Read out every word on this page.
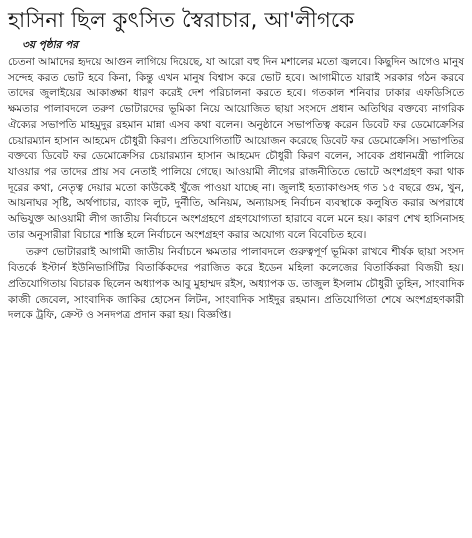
হাসিনা ছিল কুৎসিত স্বৈরাচার, আ'লীগকে
৩য় পৃষ্ঠার পর

চেতনা আমাদের হৃদয়ে আগুন লাগিয়ে দিয়েছে, যা আরো বহু দিন মশালের মতো জ্বলবে। কিছুদিন আগেও মানুষ সন্দেহ করত ভোট হবে কিনা, কিন্তু এখন মানুষ বিশ্বাস করে ভোট হবে। আগামীতে যারাই সরকার গঠন করবে তাদের জুলাইয়ের আকাঙ্ক্ষা ধারণ করেই দেশ পরিচালনা করতে হবে। গতকাল শনিবার ঢাকার এফডিসিতে ক্ষমতার পালাবদলে তরুণ ভোটারদের ভূমিকা নিয়ে আয়োজিত ছায়া সংসদে প্রধান অতিথির বক্তব্যে নাগরিক ঐক্যের সভাপতি মাহমুদুর রহমান মান্না এসব কথা বলেন। অনুষ্ঠানে সভাপতিত্ব করেন ডিবেট ফর ডেমোক্রেসির চেয়ারম্যান হাসান আহমেদ চৌধুরী কিরণ। প্রতিযোগিতাটি আয়োজন করেছে ডিবেট ফর ডেমোক্রেসি। সভাপতির বক্তব্যে ডিবেট ফর ডেমোক্রেসির চেয়ারম্যান হাসান আহমেদ চৌধুরী কিরণ বলেন, সাবেক প্রধানমন্ত্রী পালিয়ে যাওয়ার পর তাদের প্রায় সব নেতাই পালিয়ে গেছে। আওয়ামী লীগের রাজনীতিতে ভোটে অংশগ্রহণ করা থাক দূরের কথা, নেতৃত্ব দেয়ার মতো কাউকেই খুঁজে পাওয়া যাচ্ছে না। জুলাই হত্যাকাণ্ডসহ গত ১৫ বছরে গুম, খুন, আয়নাঘর সৃষ্টি, অর্থপাচার, ব্যাংক লুট, দুর্নীতি, অনিয়ম, অন্যায়সহ নির্বাচন ব্যবস্থাকে কলুষিত করার অপরাধে অভিযুক্ত আওয়ামী লীগ জাতীয় নির্বাচনে অংশগ্রহণে গ্রহণযোগ্যতা হারাবে বলে মনে হয়। কারণ শেখ হাসিনাসহ তার অনুসারীরা বিচারে শাস্তি হলে নির্বাচনে অংশগ্রহণ করার অযোগ্য বলে বিবেচিত হবে।

তরুণ ভোটাররাই আগামী জাতীয় নির্বাচনে ক্ষমতার পালাবদলে গুরুত্বপূর্ণ ভূমিকা রাখবে শীর্ষক ছায়া সংসদ বিতর্কে ইস্টার্ন ইউনিভার্সিটির বিতার্কিকদের পরাজিত করে ইডেন মহিলা কলেজের বিতার্কিকরা বিজয়ী হয়। প্রতিযোগিতায় বিচারক ছিলেন অধ্যাপক আবু মুহাম্মদ রইস, অধ্যাপক ড. তাজুল ইসলাম চৌধুরী তুহিন, সাংবাদিক কাজী জেবেল, সাংবাদিক জাকির হোসেন লিটন, সাংবাদিক সাইদুর রহমান। প্রতিযোগিতা শেষে অংশগ্রহণকারী দলকে ট্রফি, ক্রেস্ট ও সনদপত্র প্রদান করা হয়। বিজ্ঞপ্তি।
